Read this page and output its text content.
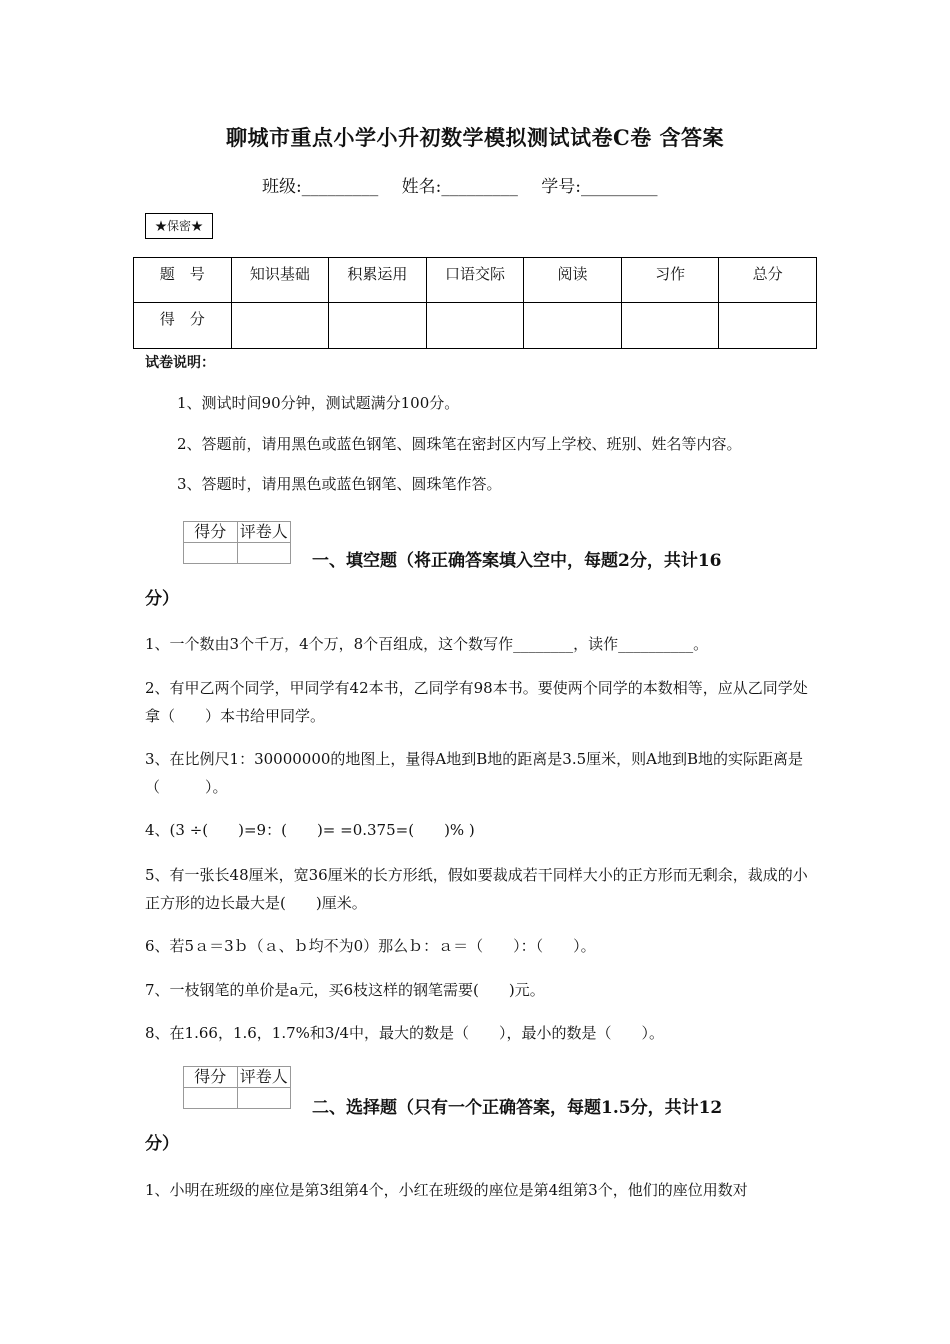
聊城市重点小学小升初数学模拟测试试卷C卷 含答案
班级:_________ 姓名:_________ 学号:_________
★保密★
题　号	知识基础	积累运用	口语交际	阅读	习作	总分
得　分						
试卷说明：
1、测试时间90分钟，测试题满分100分。
2、答题前，请用黑色或蓝色钢笔、圆珠笔在密封区内写上学校、班别、姓名等内容。
3、答题时，请用黑色或蓝色钢笔、圆珠笔作答。
得分	评卷人

一、填空题（将正确答案填入空中，每题2分，共计16
分）
1、一个数由3个千万，4个万，8个百组成，这个数写作________，读作__________。
2、有甲乙两个同学，甲同学有42本书，乙同学有98本书。要使两个同学的本数相等，应从乙同学处拿（　　）本书给甲同学。
3、在比例尺1：30000000的地图上，量得A地到B地的距离是3.5厘米，则A地到B地的实际距离是（　　　）。
4、(3 ÷(　　)=9：(　　)= =0.375=(　　)% )
5、有一张长48厘米，宽36厘米的长方形纸，假如要裁成若干同样大小的正方形而无剩余，裁成的小正方形的边长最大是(　　)厘米。
6、若5ａ＝3ｂ（ａ、ｂ均不为0）那么ｂ：ａ＝（　　）：（　　）。
7、一枝钢笔的单价是a元，买6枝这样的钢笔需要(　　)元。
8、在1.66，1.6，1.7%和3/4中，最大的数是（　　），最小的数是（　　）。
得分	评卷人

二、选择题（只有一个正确答案，每题1.5分，共计12
分）
1、小明在班级的座位是第3组第4个，小红在班级的座位是第4组第3个，他们的座位用数对
